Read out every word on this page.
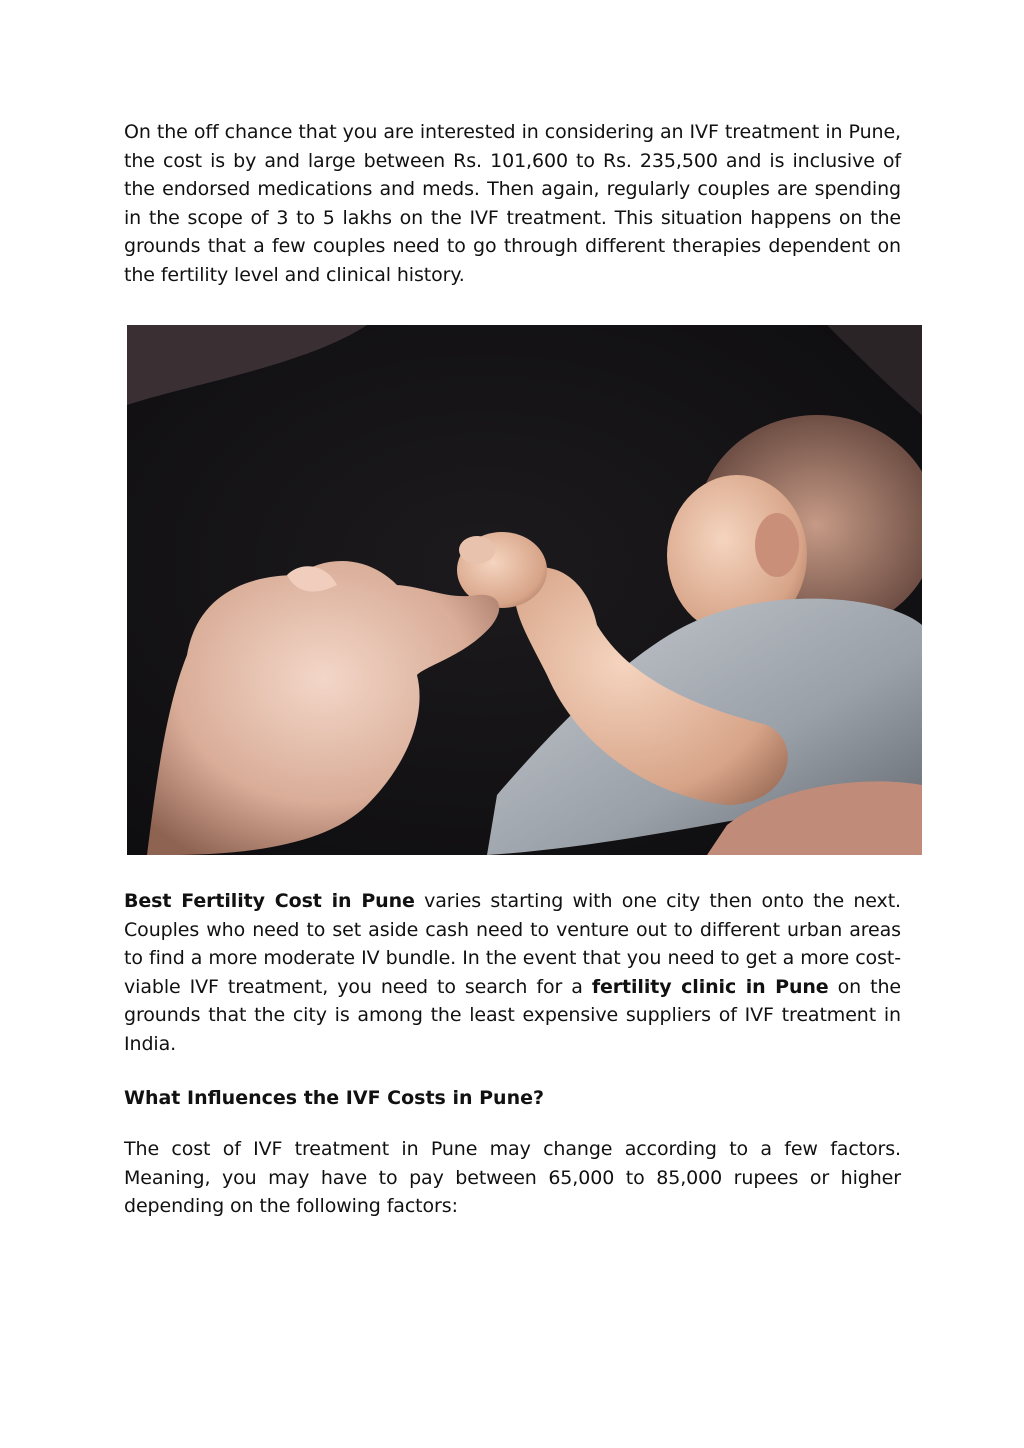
On the off chance that you are interested in considering an IVF treatment in Pune, the cost is by and large between Rs. 101,600 to Rs. 235,500 and is inclusive of the endorsed medications and meds. Then again, regularly couples are spending in the scope of 3 to 5 lakhs on the IVF treatment. This situation happens on the grounds that a few couples need to go through different therapies dependent on the fertility level and clinical history.

Best Fertility Cost in Pune varies starting with one city then onto the next. Couples who need to set aside cash need to venture out to different urban areas to find a more moderate IV bundle. In the event that you need to get a more cost-viable IVF treatment, you need to search for a fertility clinic in Pune on the grounds that the city is among the least expensive suppliers of IVF treatment in India.

What Influences the IVF Costs in Pune?

The cost of IVF treatment in Pune may change according to a few factors. Meaning, you may have to pay between 65,000 to 85,000 rupees or higher depending on the following factors:
